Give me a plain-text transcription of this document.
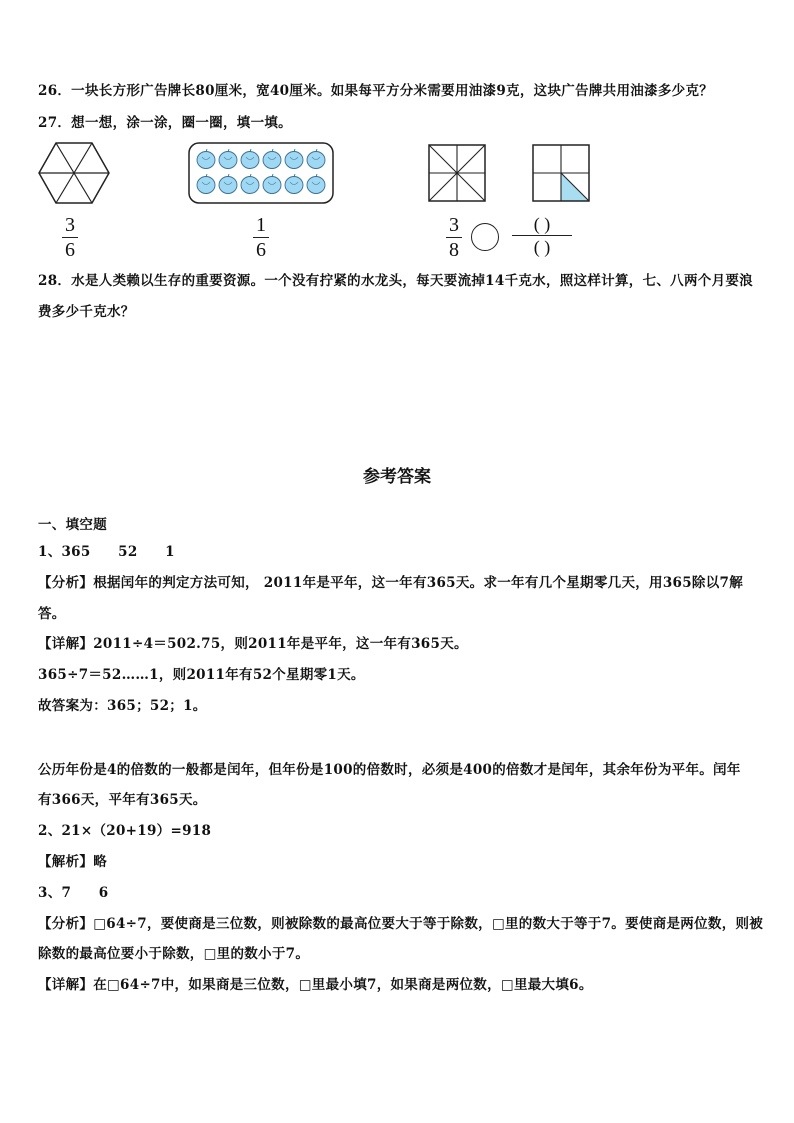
26．一块长方形广告牌长80厘米，宽40厘米。如果每平方分米需要用油漆9克，这块广告牌共用油漆多少克？
27．想一想，涂一涂，圈一圈，填一填。
3
6
1
6
3
8
( )
( )
28．水是人类赖以生存的重要资源。一个没有拧紧的水龙头，每天要流掉14千克水，照这样计算，七、八两个月要浪
费多少千克水？
参考答案
一、填空题
1、365　　52　　1
【分析】根据闰年的判定方法可知， 2011年是平年，这一年有365天。求一年有几个星期零几天，用365除以7解
答。
【详解】2011÷4＝502.75，则2011年是平年，这一年有365天。
365÷7＝52……1，则2011年有52个星期零1天。
故答案为：365；52；1。
公历年份是4的倍数的一般都是闰年，但年份是100的倍数时，必须是400的倍数才是闰年，其余年份为平年。闰年
有366天，平年有365天。
2、21×（20+19）=918
【解析】略
3、7　　6
【分析】□64÷7，要使商是三位数，则被除数的最高位要大于等于除数，□里的数大于等于7。要使商是两位数，则被
除数的最高位要小于除数，□里的数小于7。
【详解】在□64÷7中，如果商是三位数，□里最小填7，如果商是两位数，□里最大填6。
